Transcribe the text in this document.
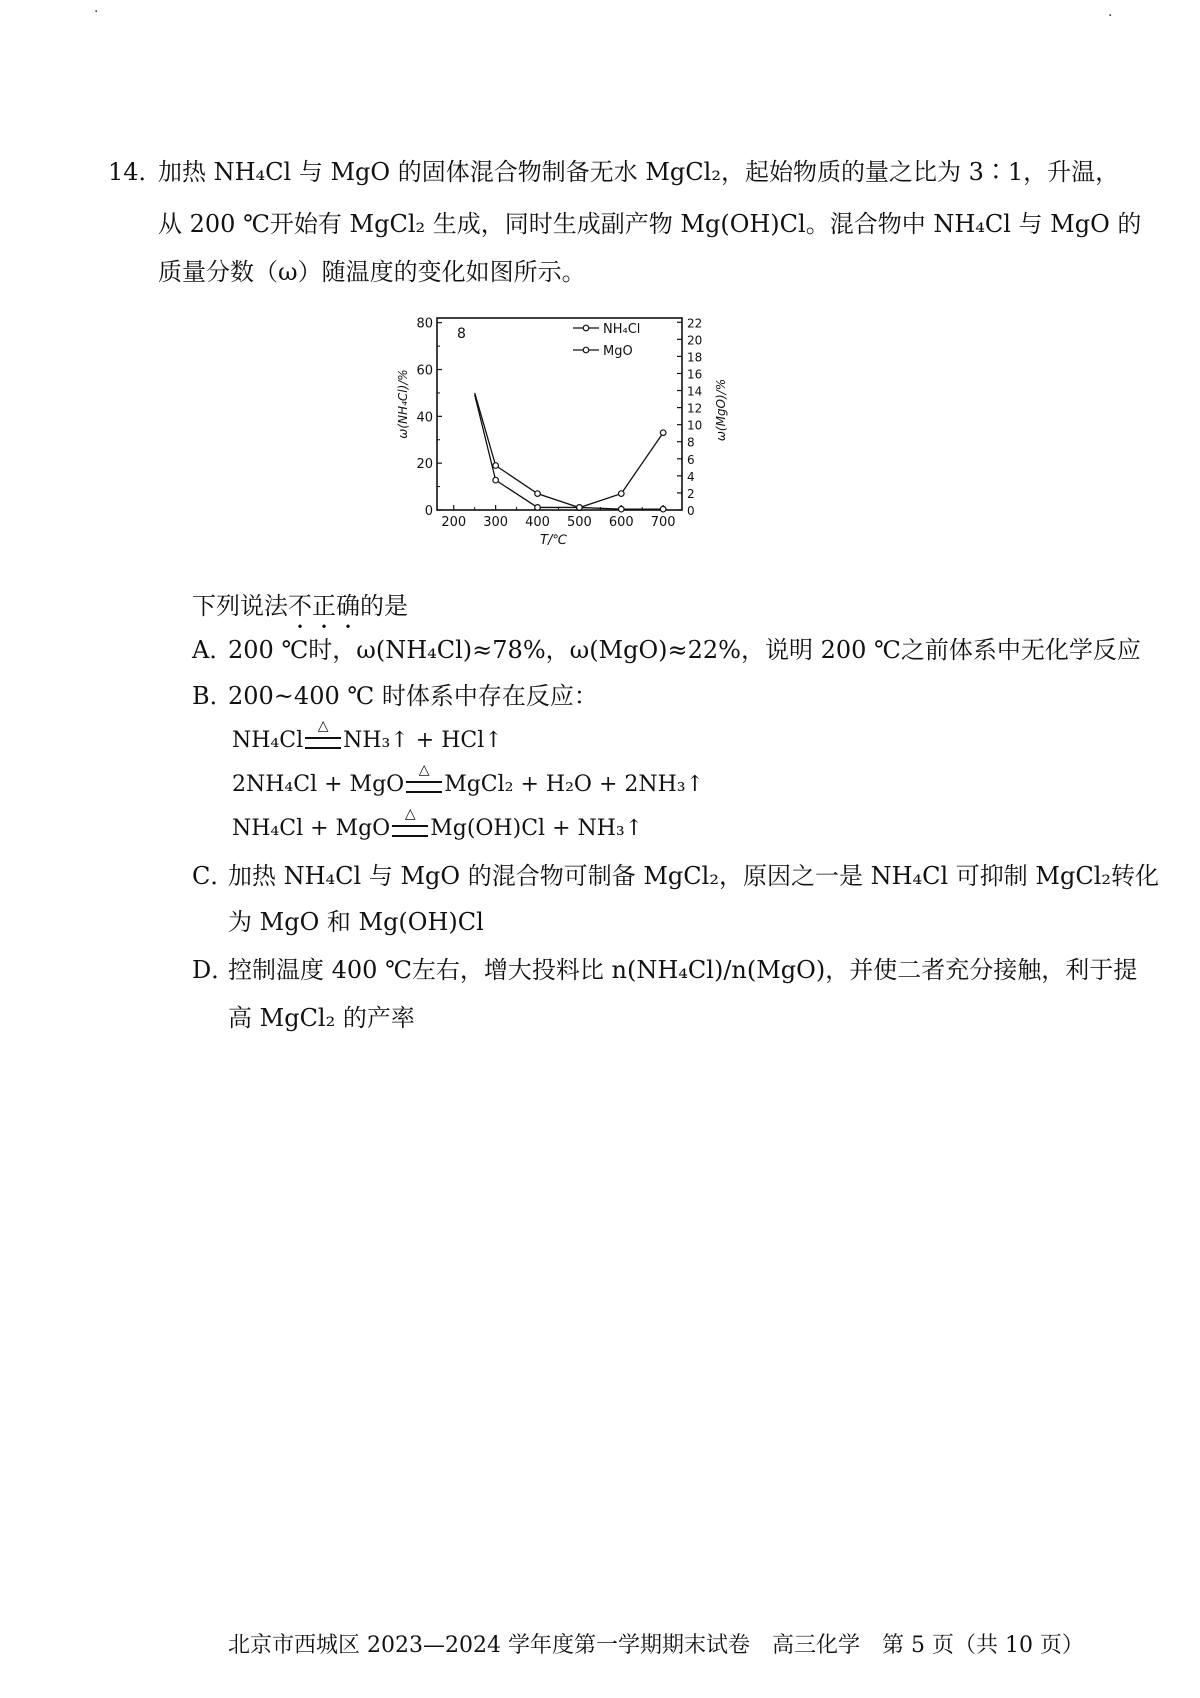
·	·
14．
加热 NH₄Cl 与 MgO 的固体混合物制备无水 MgCl₂，起始物质的量之比为 3∶1，升温，
从 200 ℃开始有 MgCl₂ 生成，同时生成副产物 Mg(OH)Cl。混合物中 NH₄Cl 与 MgO 的
质量分数（ω）随温度的变化如图所示。
200 300 400 500 600 700
T/℃
0
20
40
60
80
ω(NH₄Cl)/%
0
2
4
6
8
10
12
14
16
18
20
22
ω(MgO)/%
8	NH₄Cl
MgO
下列说法不正确的是
A．200 ℃时，ω(NH₄Cl)≈78%，ω(MgO)≈22%，说明 200 ℃之前体系中无化学反应
B．200~400 ℃ 时体系中存在反应：
NH₄Cl
△
NH₃↑ + HCl↑
2NH₄Cl + MgO
△
MgCl₂ + H₂O + 2NH₃↑
NH₄Cl + MgO
△
Mg(OH)Cl + NH₃↑
C．加热 NH₄Cl 与 MgO 的混合物可制备 MgCl₂，原因之一是 NH₄Cl 可抑制 MgCl₂转化
为 MgO 和 Mg(OH)Cl
D．控制温度 400 ℃左右，增大投料比 n(NH₄Cl)/n(MgO)，并使二者充分接触，利于提
高 MgCl₂ 的产率
北京市西城区 2023—2024 学年度第一学期期末试卷　高三化学　第 5 页（共 10 页）
